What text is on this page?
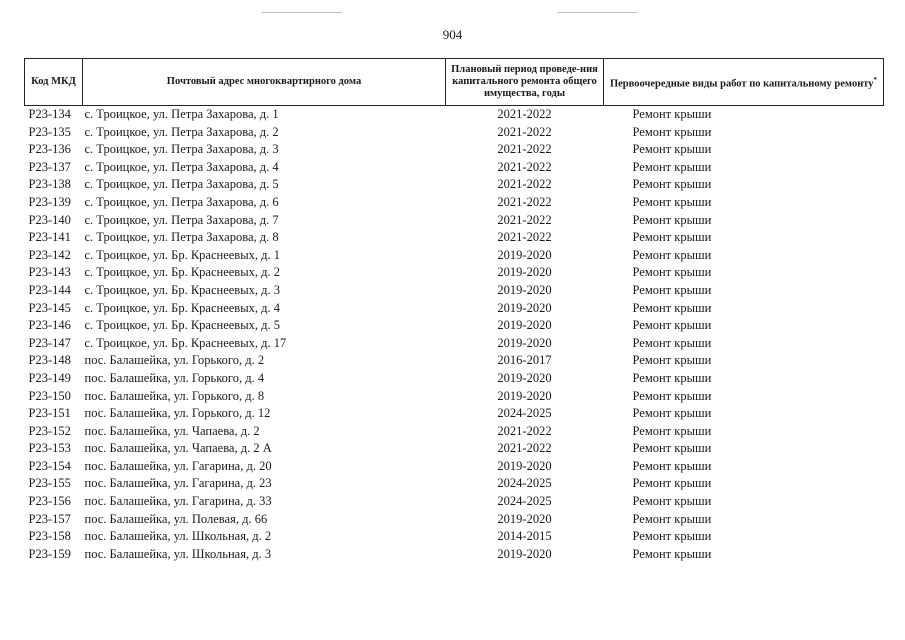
904
Код МКД	Почтовый адрес многоквартирного дома	Плановый период проведе-ния капитального ремонта общего имущества, годы	Первоочередные виды работ по капитальному ремонту*
Р23-134	с. Троицкое, ул. Петра Захарова, д. 1	2021-2022	Ремонт крыши
Р23-135	с. Троицкое, ул. Петра Захарова, д. 2	2021-2022	Ремонт крыши
Р23-136	с. Троицкое, ул. Петра Захарова, д. 3	2021-2022	Ремонт крыши
Р23-137	с. Троицкое, ул. Петра Захарова, д. 4	2021-2022	Ремонт крыши
Р23-138	с. Троицкое, ул. Петра Захарова, д. 5	2021-2022	Ремонт крыши
Р23-139	с. Троицкое, ул. Петра Захарова, д. 6	2021-2022	Ремонт крыши
Р23-140	с. Троицкое, ул. Петра Захарова, д. 7	2021-2022	Ремонт крыши
Р23-141	с. Троицкое, ул. Петра Захарова, д. 8	2021-2022	Ремонт крыши
Р23-142	с. Троицкое, ул. Бр. Краснеевых, д. 1	2019-2020	Ремонт крыши
Р23-143	с. Троицкое, ул. Бр. Краснеевых, д. 2	2019-2020	Ремонт крыши
Р23-144	с. Троицкое, ул. Бр. Краснеевых, д. 3	2019-2020	Ремонт крыши
Р23-145	с. Троицкое, ул. Бр. Краснеевых, д. 4	2019-2020	Ремонт крыши
Р23-146	с. Троицкое, ул. Бр. Краснеевых, д. 5	2019-2020	Ремонт крыши
Р23-147	с. Троицкое, ул. Бр. Краснеевых, д. 17	2019-2020	Ремонт крыши
Р23-148	пос. Балашейка, ул. Горького, д. 2	2016-2017	Ремонт крыши
Р23-149	пос. Балашейка, ул. Горького, д. 4	2019-2020	Ремонт крыши
Р23-150	пос. Балашейка, ул. Горького, д. 8	2019-2020	Ремонт крыши
Р23-151	пос. Балашейка, ул. Горького, д. 12	2024-2025	Ремонт крыши
Р23-152	пос. Балашейка, ул. Чапаева, д. 2	2021-2022	Ремонт крыши
Р23-153	пос. Балашейка, ул. Чапаева, д. 2 А	2021-2022	Ремонт крыши
Р23-154	пос. Балашейка, ул. Гагарина, д. 20	2019-2020	Ремонт крыши
Р23-155	пос. Балашейка, ул. Гагарина, д. 23	2024-2025	Ремонт крыши
Р23-156	пос. Балашейка, ул. Гагарина, д. 33	2024-2025	Ремонт крыши
Р23-157	пос. Балашейка, ул. Полевая, д. 66	2019-2020	Ремонт крыши
Р23-158	пос. Балашейка, ул. Школьная, д. 2	2014-2015	Ремонт крыши
Р23-159	пос. Балашейка, ул. Школьная, д. 3	2019-2020	Ремонт крыши
